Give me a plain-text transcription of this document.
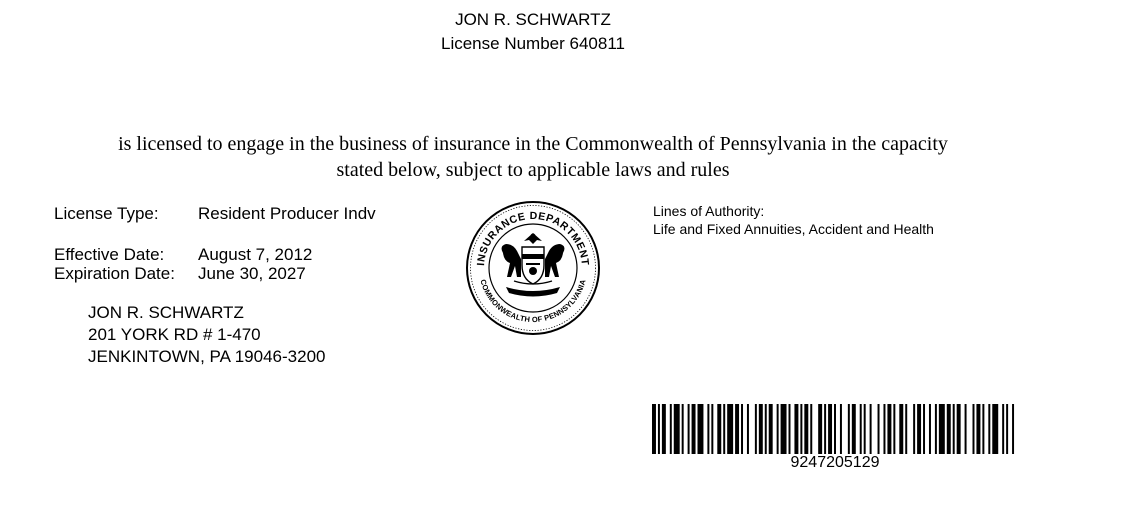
JON R. SCHWARTZ
License Number 640811
is licensed to engage in the business of insurance in the Commonwealth of Pennsylvania in the capacity
stated below, subject to applicable laws and rules
License Type: Resident Producer Indv
Effective Date: August 7, 2012
Expiration Date: June 30, 2027
JON R. SCHWARTZ
201 YORK RD # 1-470
JENKINTOWN, PA 19046-3200
Lines of Authority:
Life and Fixed Annuities, Accident and Health
INSURANCE DEPARTMENT
COMMONWEALTH OF PENNSYLVANIA
9247205129
